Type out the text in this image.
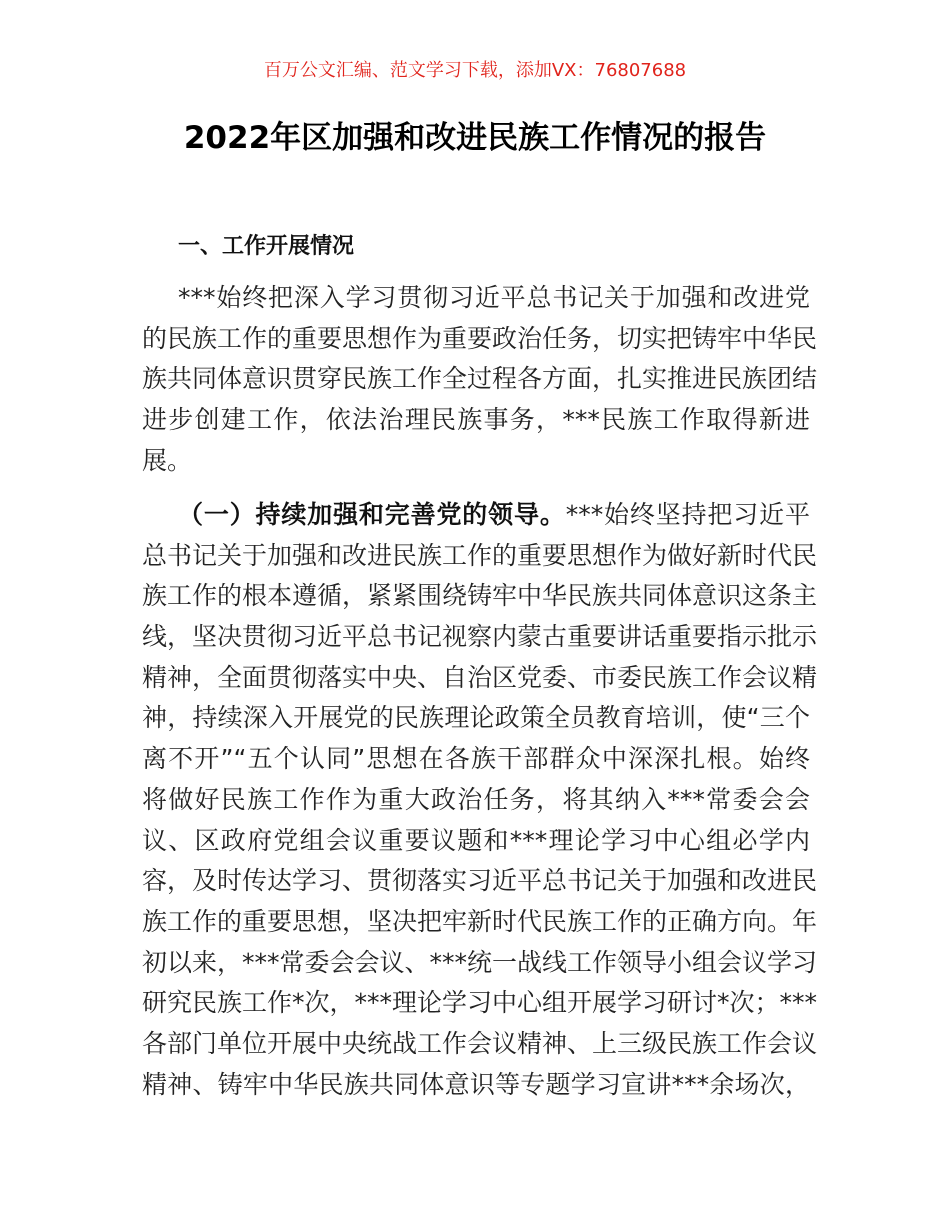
百万公文汇编、范文学习下载，添加VX：76807688
2022年区加强和改进民族工作情况的报告
一、工作开展情况
***始终把深入学习贯彻习近平总书记关于加强和改进党
的民族工作的重要思想作为重要政治任务，切实把铸牢中华民
族共同体意识贯穿民族工作全过程各方面，扎实推进民族团结
进步创建工作，依法治理民族事务，***民族工作取得新进
展。
（一）持续加强和完善党的领导。***始终坚持把习近平
总书记关于加强和改进民族工作的重要思想作为做好新时代民
族工作的根本遵循，紧紧围绕铸牢中华民族共同体意识这条主
线，坚决贯彻习近平总书记视察内蒙古重要讲话重要指示批示
精神，全面贯彻落实中央、自治区党委、市委民族工作会议精
神，持续深入开展党的民族理论政策全员教育培训，使“三个
离不开”“五个认同”思想在各族干部群众中深深扎根。始终
将做好民族工作作为重大政治任务，将其纳入***常委会会
议、区政府党组会议重要议题和***理论学习中心组必学内
容，及时传达学习、贯彻落实习近平总书记关于加强和改进民
族工作的重要思想，坚决把牢新时代民族工作的正确方向。年
初以来，***常委会会议、***统一战线工作领导小组会议学习
研究民族工作*次，***理论学习中心组开展学习研讨*次；***
各部门单位开展中央统战工作会议精神、上三级民族工作会议
精神、铸牢中华民族共同体意识等专题学习宣讲***余场次，
